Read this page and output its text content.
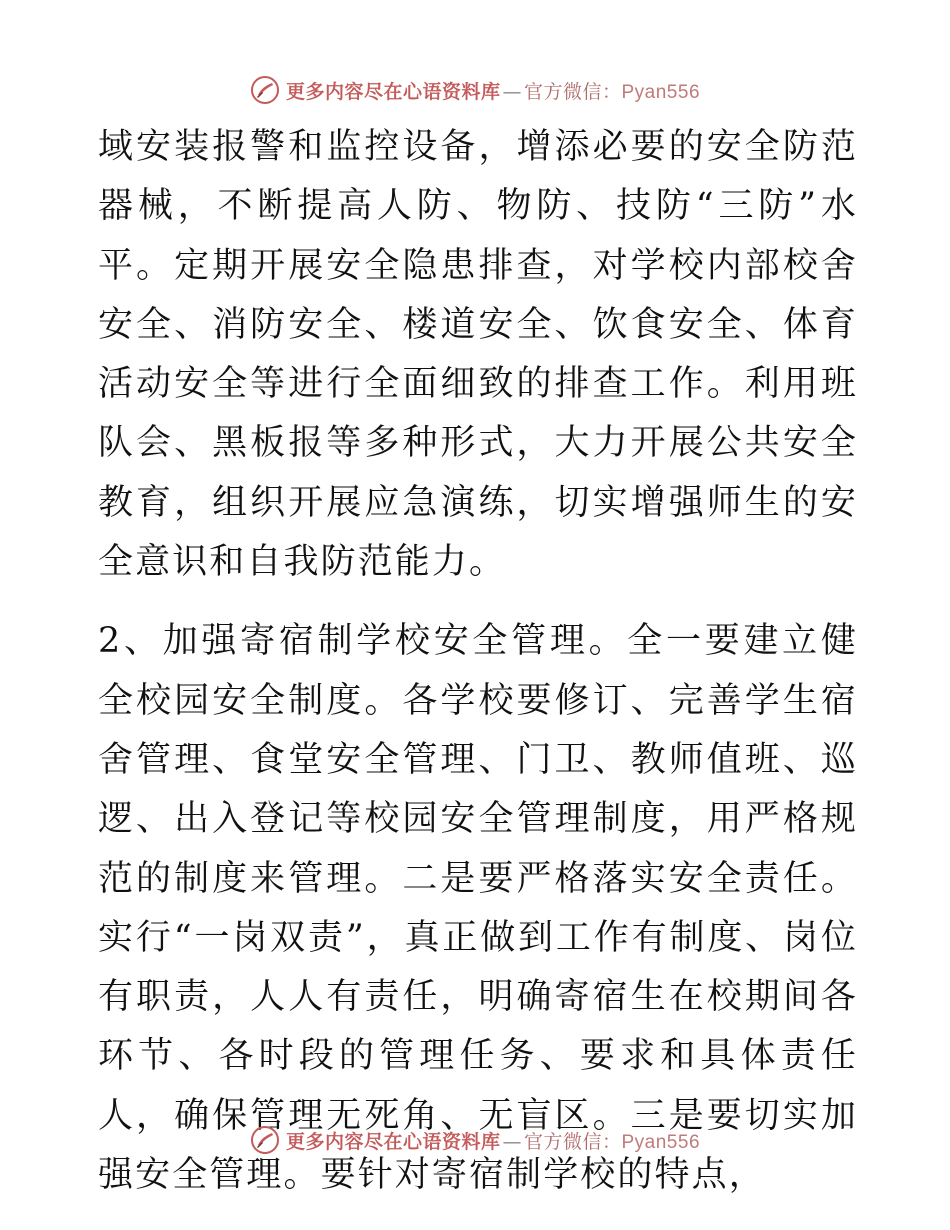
更多内容尽在心语资料库 — 官方微信：Pyan556

域安装报警和监控设备，增添必要的安全防范器械，不断提高人防、物防、技防“三防”水平。定期开展安全隐患排查，对学校内部校舍安全、消防安全、楼道安全、饮食安全、体育活动安全等进行全面细致的排查工作。利用班队会、黑板报等多种形式，大力开展公共安全教育，组织开展应急演练，切实增强师生的安全意识和自我防范能力。

2、加强寄宿制学校安全管理。全一要建立健全校园安全制度。各学校要修订、完善学生宿舍管理、食堂安全管理、门卫、教师值班、巡逻、出入登记等校园安全管理制度，用严格规范的制度来管理。二是要严格落实安全责任。实行“一岗双责”，真正做到工作有制度、岗位有职责，人人有责任，明确寄宿生在校期间各环节、各时段的管理任务、要求和具体责任人，确保管理无死角、无盲区。三是要切实加强安全管理。要针对寄宿制学校的特点，

更多内容尽在心语资料库 — 官方微信：Pyan556
